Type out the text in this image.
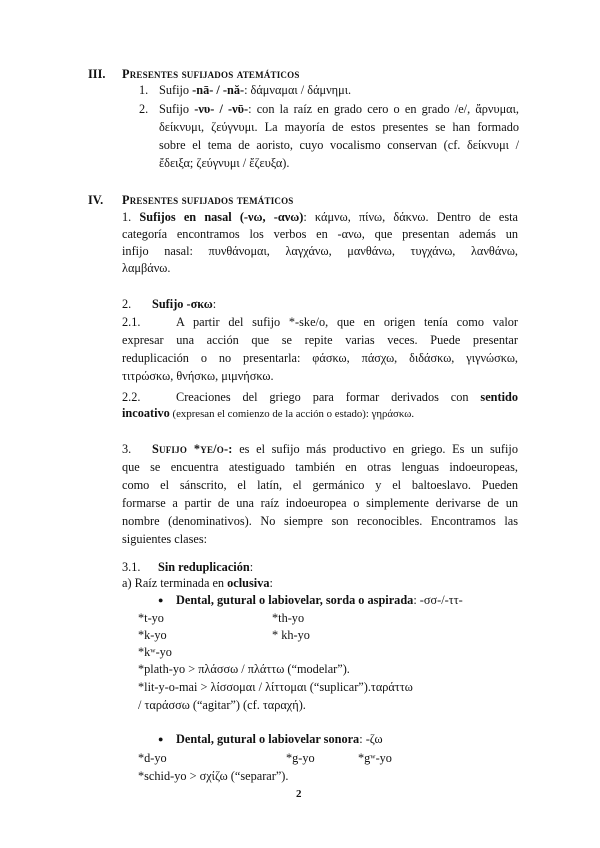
III. Presentes sufijados atemáticos
1. Sufijo -nā- / -nă-: δάμναμαι / δάμνημι.
2. Sufijo -νυ- / -νῡ-: con la raíz en grado cero o en grado /e/, ἄρνυμαι,
δείκνυμι, ζεύγνυμι. La mayoría de estos presentes se han formado
sobre el tema de aoristo, cuyo vocalismo conservan (cf. δείκνυμι /
ἔδειξα; ζεύγνυμι / ἔζευξα).
IV. Presentes sufijados temáticos
1. Sufijos en nasal (-νω, -ανω): κάμνω, πίνω, δάκνω. Dentro de esta
categoría encontramos los verbos en -ανω, que presentan además un
infijo nasal: πυνθάνομαι, λαγχάνω, μανθάνω, τυγχάνω, λανθάνω,
λαμβάνω.
2. Sufijo -σκω:
2.1.	A partir del sufijo *-ske/o, que en origen tenía como valor
expresar una acción que se repite varias veces. Puede presentar
reduplicación o no presentarla: φάσκω, πάσχω, διδάσκω, γιγνώσκω,
τιτρώσκω, θνήσκω, μιμνήσκω.
2.2.	Creaciones del griego para formar derivados con sentido
incoativo (expresan el comienzo de la acción o estado): γηράσκω.
3. Sufijo *ye/o-: es el sufijo más productivo en griego. Es un sufijo
que se encuentra atestiguado también en otras lenguas indoeuropeas,
como el sánscrito, el latín, el germánico y el baltoeslavo. Pueden
formarse a partir de una raíz indoeuropea o simplemente derivarse de un
nombre (denominativos). No siempre son reconocibles. Encontramos las
siguientes clases:
3.1. Sin reduplicación:
a) Raíz terminada en oclusiva:
● Dental, gutural o labiovelar, sorda o aspirada: -σσ-/-ττ-
*t-yo	*th-yo
*k-yo	* kh-yo
*kʷ-yo
*plath-yo > πλάσσω / πλάττω (“modelar”).
*lit-y-o-mai > λίσσομαι / λίττομαι (“suplicar”).ταράττω
/ ταράσσω (“agitar”) (cf. ταραχή).
● Dental, gutural o labiovelar sonora: -ζω
*d-yo	*g-yo	*gʷ-yo
*schid-yo > σχίζω (“separar”).
2
